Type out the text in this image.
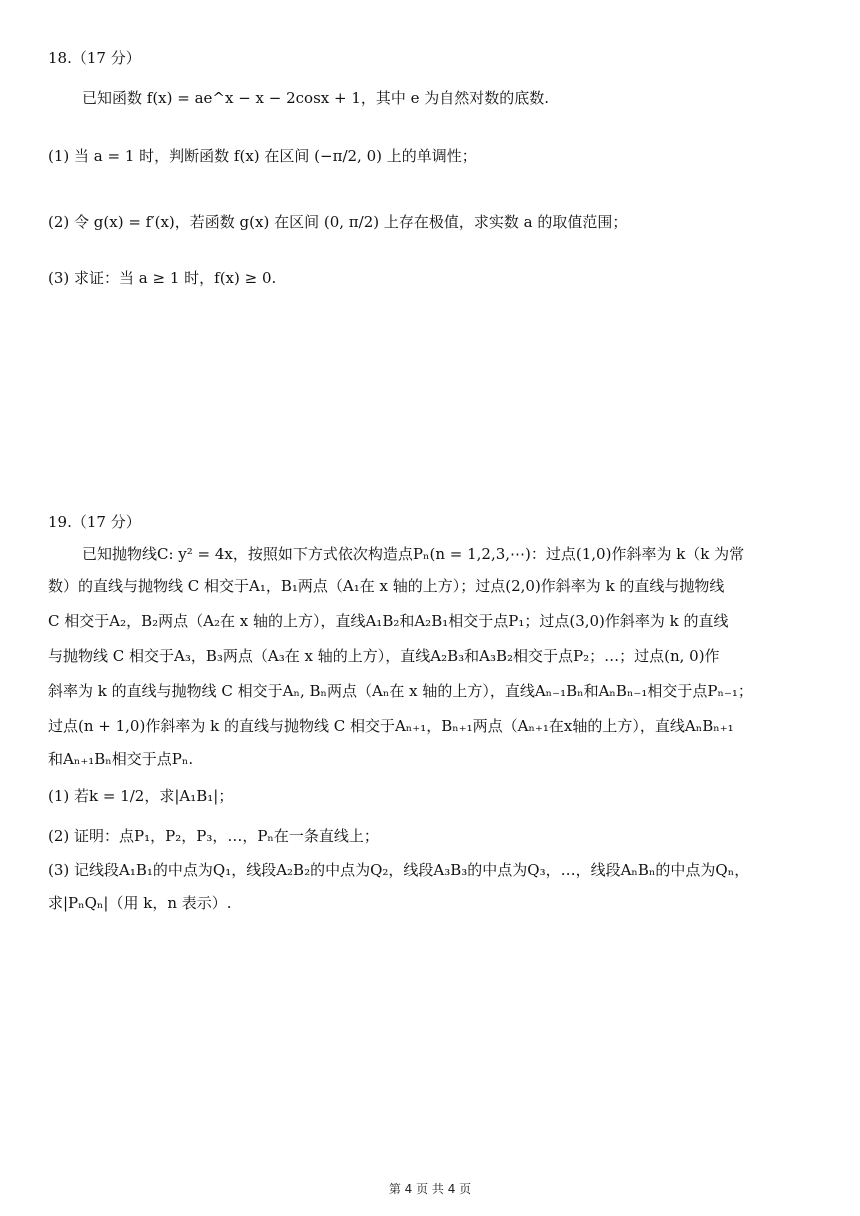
18.（17 分）
已知函数 f(x) = ae^x − x − 2cosx + 1，其中 e 为自然对数的底数.
(1) 当 a = 1 时，判断函数 f(x) 在区间 (−π/2, 0) 上的单调性；
(2) 令 g(x) = f′(x)，若函数 g(x) 在区间 (0, π/2) 上存在极值，求实数 a 的取值范围；
(3) 求证：当 a ≥ 1 时，f(x) ≥ 0.
19.（17 分）
已知抛物线C: y² = 4x，按照如下方式依次构造点Pₙ(n = 1,2,3,⋯)：过点(1,0)作斜率为 k（k 为常
数）的直线与抛物线 C 相交于A₁，B₁两点（A₁在 x 轴的上方）；过点(2,0)作斜率为 k 的直线与抛物线
C 相交于A₂，B₂两点（A₂在 x 轴的上方），直线A₁B₂和A₂B₁相交于点P₁；过点(3,0)作斜率为 k 的直线
与抛物线 C 相交于A₃，B₃两点（A₃在 x 轴的上方），直线A₂B₃和A₃B₂相交于点P₂；…；过点(n, 0)作
斜率为 k 的直线与抛物线 C 相交于Aₙ, Bₙ两点（Aₙ在 x 轴的上方），直线Aₙ₋₁Bₙ和AₙBₙ₋₁相交于点Pₙ₋₁；
过点(n + 1,0)作斜率为 k 的直线与抛物线 C 相交于Aₙ₊₁，Bₙ₊₁两点（Aₙ₊₁在x轴的上方），直线AₙBₙ₊₁
和Aₙ₊₁Bₙ相交于点Pₙ.
(1) 若k = 1/2，求|A₁B₁|；
(2) 证明：点P₁，P₂，P₃，…，Pₙ在一条直线上；
(3) 记线段A₁B₁的中点为Q₁，线段A₂B₂的中点为Q₂，线段A₃B₃的中点为Q₃，…，线段AₙBₙ的中点为Qₙ，
求|PₙQₙ|（用 k，n 表示）.
第 4 页 共 4 页
